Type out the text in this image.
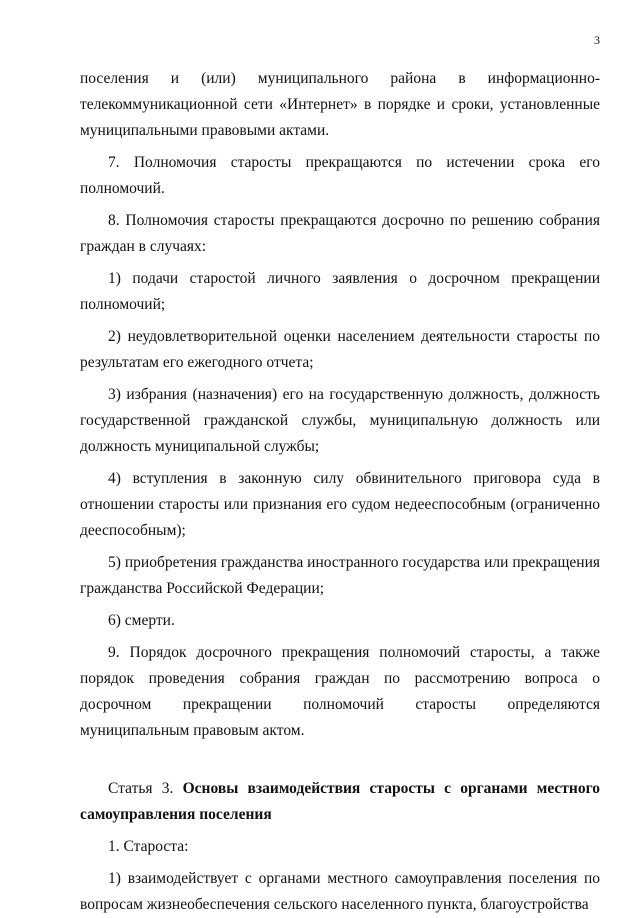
3

поселения и (или) муниципального района в информационно-телекоммуникационной сети «Интернет» в порядке и сроки, установленные муниципальными правовыми актами.

7. Полномочия старосты прекращаются по истечении срока его полномочий.

8. Полномочия старосты прекращаются досрочно по решению собрания граждан в случаях:

1) подачи старостой личного заявления о досрочном прекращении полномочий;

2) неудовлетворительной оценки населением деятельности старосты по результатам его ежегодного отчета;

3) избрания (назначения) его на государственную должность, должность государственной гражданской службы, муниципальную должность или должность муниципальной службы;

4) вступления в законную силу обвинительного приговора суда в отношении старосты или признания его судом недееспособным (ограниченно дееспособным);

5) приобретения гражданства иностранного государства или прекращения гражданства Российской Федерации;

6) смерти.

9. Порядок досрочного прекращения полномочий старосты, а также порядок проведения собрания граждан по рассмотрению вопроса о досрочном прекращении полномочий старосты определяются муниципальным правовым актом.

Статья 3. Основы взаимодействия старосты с органами местного самоуправления поселения

1. Староста:

1) взаимодействует с органами местного самоуправления поселения по вопросам жизнеобеспечения сельского населенного пункта, благоустройства
